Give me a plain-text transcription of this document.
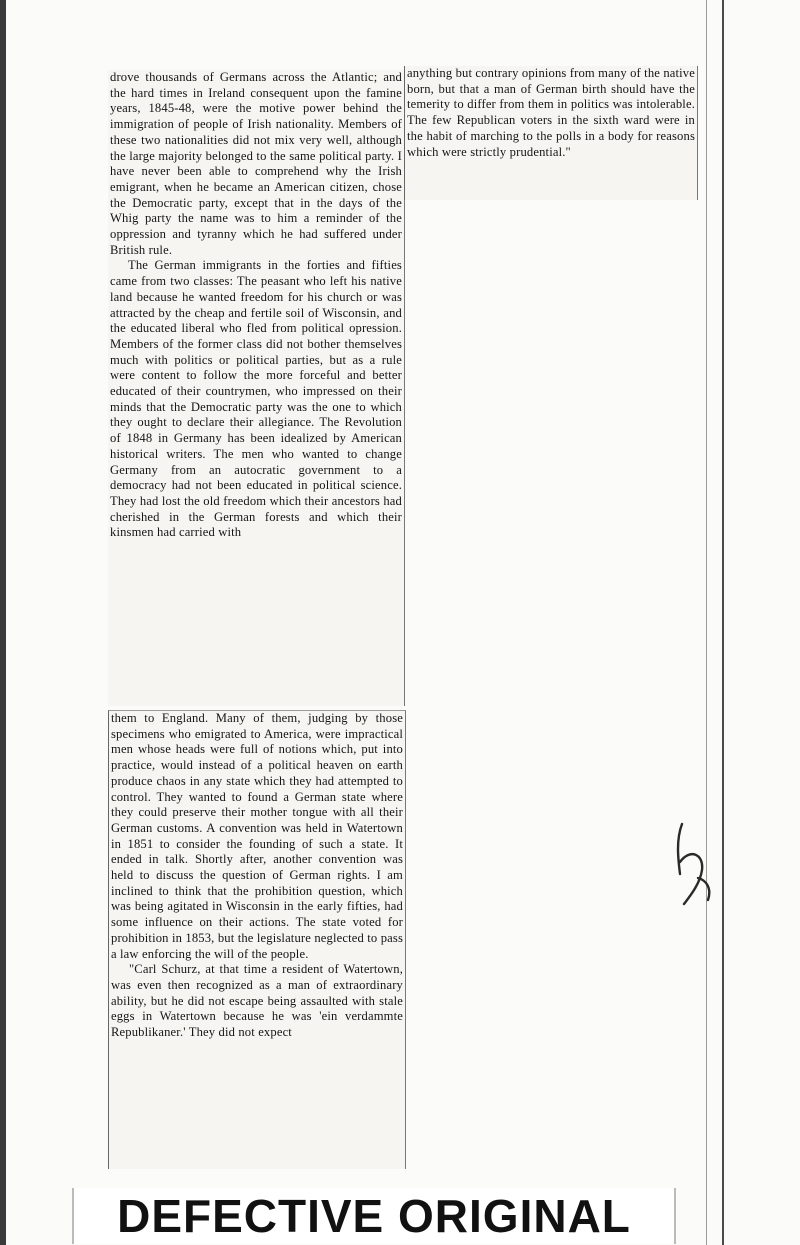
drove thousands of Germans across the Atlantic; and the hard times in Ireland consequent upon the famine years, 1845-48, were the motive power behind the immigration of people of Irish nationality. Members of these two nationalities did not mix very well, although the large majority belonged to the same political party. I have never been able to comprehend why the Irish emigrant, when he became an American citizen, chose the Democratic party, except that in the days of the Whig party the name was to him a reminder of the oppression and tyranny which he had suffered under British rule.

The German immigrants in the forties and fifties came from two classes: The peasant who left his native land because he wanted freedom for his church or was attracted by the cheap and fertile soil of Wisconsin, and the educated liberal who fled from political opression. Members of the former class did not bother themselves much with politics or political parties, but as a rule were content to follow the more forceful and better educated of their countrymen, who impressed on their minds that the Democratic party was the one to which they ought to declare their allegiance. The Revolution of 1848 in Germany has been idealized by American historical writers. The men who wanted to change Germany from an autocratic government to a democracy had not been educated in political science. They had lost the old freedom which their ancestors had cherished in the German forests and which their kinsmen had carried with

them to England. Many of them, judging by those specimens who emigrated to America, were impractical men whose heads were full of notions which, put into practice, would instead of a political heaven on earth produce chaos in any state which they had attempted to control. They wanted to found a German state where they could preserve their mother tongue with all their German customs. A convention was held in Watertown in 1851 to consider the founding of such a state. It ended in talk. Shortly after, another convention was held to discuss the question of German rights. I am inclined to think that the prohibition question, which was being agitated in Wisconsin in the early fifties, had some influence on their actions. The state voted for prohibition in 1853, but the legislature neglected to pass a law enforcing the will of the people.

"Carl Schurz, at that time a resident of Watertown, was even then recognized as a man of extraordinary ability, but he did not escape being assaulted with stale eggs in Watertown because he was 'ein verdammte Republikaner.' They did not expect

anything but contrary opinions from many of the native born, but that a man of German birth should have the temerity to differ from them in politics was intolerable. The few Republican voters in the sixth ward were in the habit of marching to the polls in a body for reasons which were strictly prudential."

DEFECTIVE ORIGINAL
